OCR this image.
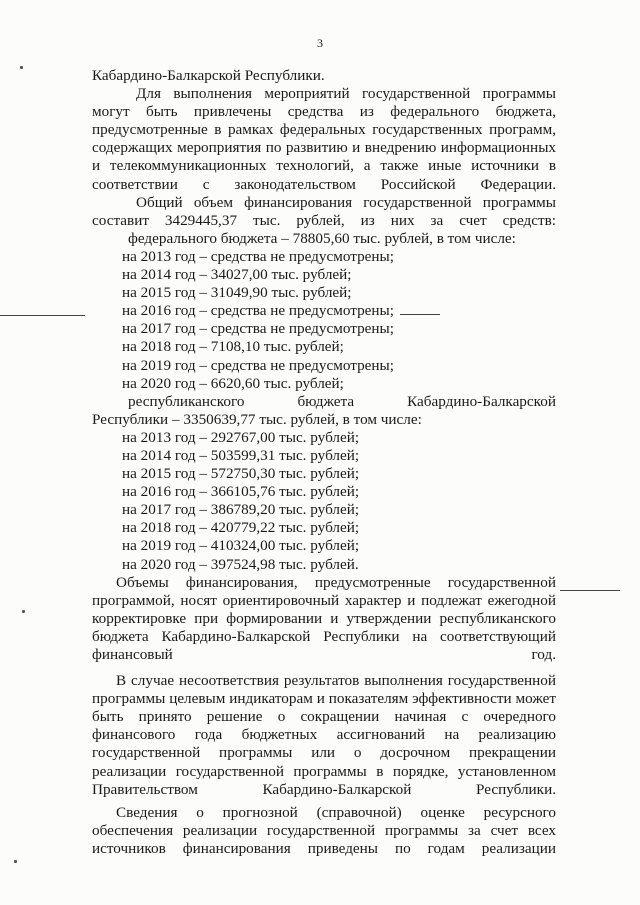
3

Кабардино-Балкарской Республики.

Для выполнения мероприятий государственной программы могут быть привлечены средства из федерального бюджета, предусмотренные в рамках федеральных государственных программ, содержащих мероприятия по развитию и внедрению информационных и телекоммуникационных технологий, а также иные источники в соответствии с законодательством Российской Федерации.

Общий объем финансирования государственной программы составит 3429445,37 тыс. рублей, из них за счет средств:

федерального бюджета – 78805,60 тыс. рублей, в том числе:

на 2013 год – средства не предусмотрены;

на 2014 год – 34027,00 тыс. рублей;

на 2015 год – 31049,90 тыс. рублей;

на 2016 год – средства не предусмотрены;

на 2017 год – средства не предусмотрены;

на 2018 год – 7108,10 тыс. рублей;

на 2019 год – средства не предусмотрены;

на 2020 год – 6620,60 тыс. рублей;

республиканского	бюджета	Кабардино-Балкарской

Республики – 3350639,77 тыс. рублей, в том числе:

на 2013 год – 292767,00 тыс. рублей;

на 2014 год – 503599,31 тыс. рублей;

на 2015 год – 572750,30 тыс. рублей;

на 2016 год – 366105,76 тыс. рублей;

на 2017 год – 386789,20 тыс. рублей;

на 2018 год – 420779,22 тыс. рублей;

на 2019 год – 410324,00 тыс. рублей;

на 2020 год – 397524,98 тыс. рублей.

Объемы финансирования, предусмотренные государственной программой, носят ориентировочный характер и подлежат ежегодной корректировке при формировании и утверждении республиканского бюджета Кабардино-Балкарской Республики на соответствующий финансовый год.

В случае несоответствия результатов выполнения государственной программы целевым индикаторам и показателям эффективности может быть принято решение о сокращении начиная с очередного финансового года бюджетных ассигнований на реализацию государственной программы или о досрочном прекращении реализации государственной программы в порядке, установленном Правительством Кабардино-Балкарской Республики.

Сведения о прогнозной (справочной) оценке ресурсного обеспечения реализации государственной программы за счет всех источников финансирования приведены по годам реализации
